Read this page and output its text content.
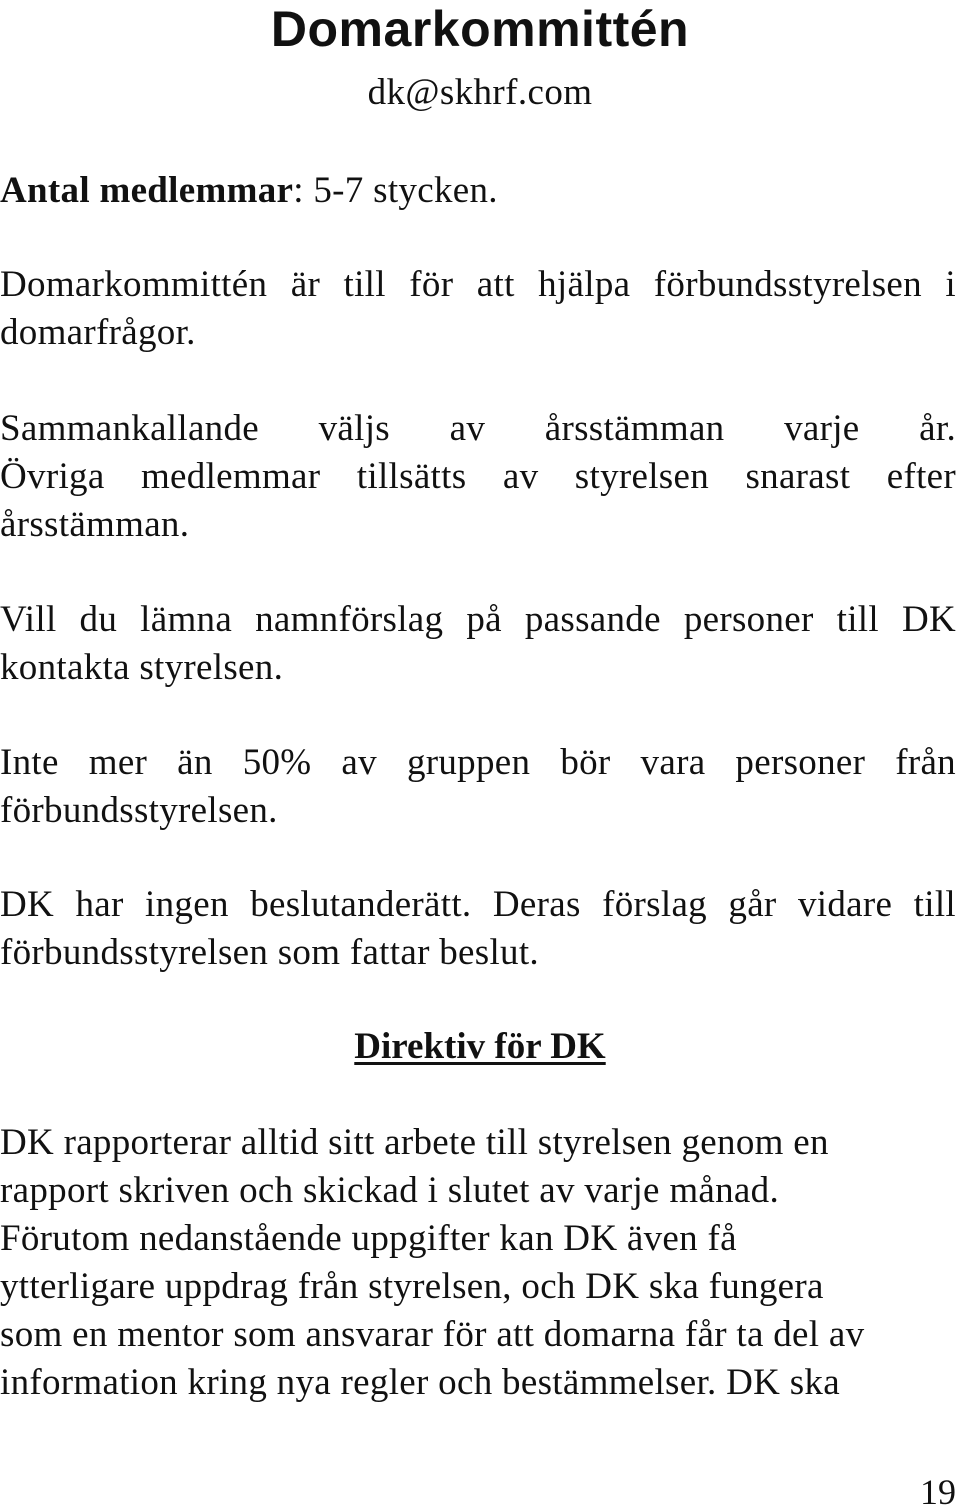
Domarkommittén
dk@skhrf.com
Antal medlemmar: 5-7 stycken.
Domarkommittén är till för att hjälpa förbundsstyrelsen i
domarfrågor.
Sammankallande väljs av årsstämman varje år.
Övriga medlemmar tillsätts av styrelsen snarast efter
årsstämman.
Vill du lämna namnförslag på passande personer till DK
kontakta styrelsen.
Inte mer än 50% av gruppen bör vara personer från
förbundsstyrelsen.
DK har ingen beslutanderätt. Deras förslag går vidare till
förbundsstyrelsen som fattar beslut.
Direktiv för DK
DK rapporterar alltid sitt arbete till styrelsen genom en
rapport skriven och skickad i slutet av varje månad.
Förutom nedanstående uppgifter kan DK även få
ytterligare uppdrag från styrelsen, och DK ska fungera
som en mentor som ansvarar för att domarna får ta del av
information kring nya regler och bestämmelser. DK ska
19
